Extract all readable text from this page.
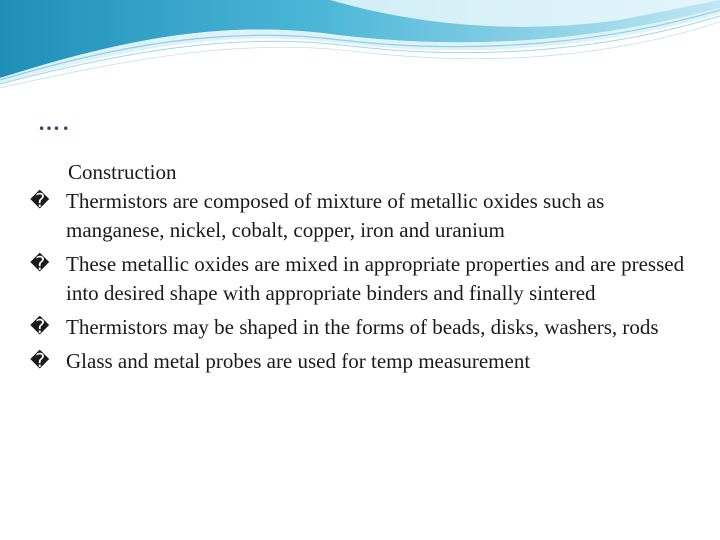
….

Construction

� Thermistors are composed of mixture of metallic oxides such as manganese, nickel, cobalt, copper, iron and uranium
� These metallic oxides are mixed in appropriate properties and are pressed into desired shape with appropriate binders and finally sintered
� Thermistors may be shaped in the forms of beads, disks, washers, rods
� Glass and metal probes are used for temp measurement
